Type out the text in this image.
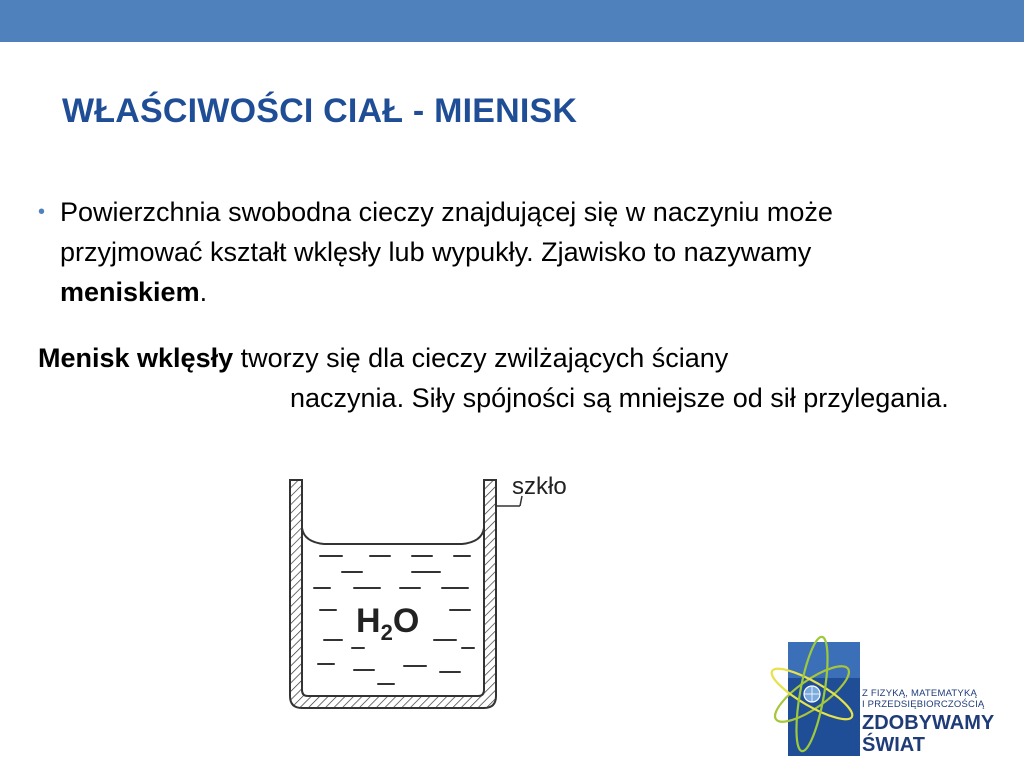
WŁAŚCIWOŚCI CIAŁ - MIENISK
• Powierzchnia swobodna cieczy znajdującej się w naczyniu może przyjmować kształt wklęsły lub wypukły. Zjawisko to nazywamy meniskiem.
Menisk wklęsły tworzy się dla cieczy zwilżających ściany
naczynia. Siły spójności są mniejsze od sił przylegania.
$H_2O$
szkło
Z FIZYKĄ, MATEMATYKĄ
I PRZEDSIĘBIORCZOŚCIĄ
ZDOBYWAMY
ŚWIAT
